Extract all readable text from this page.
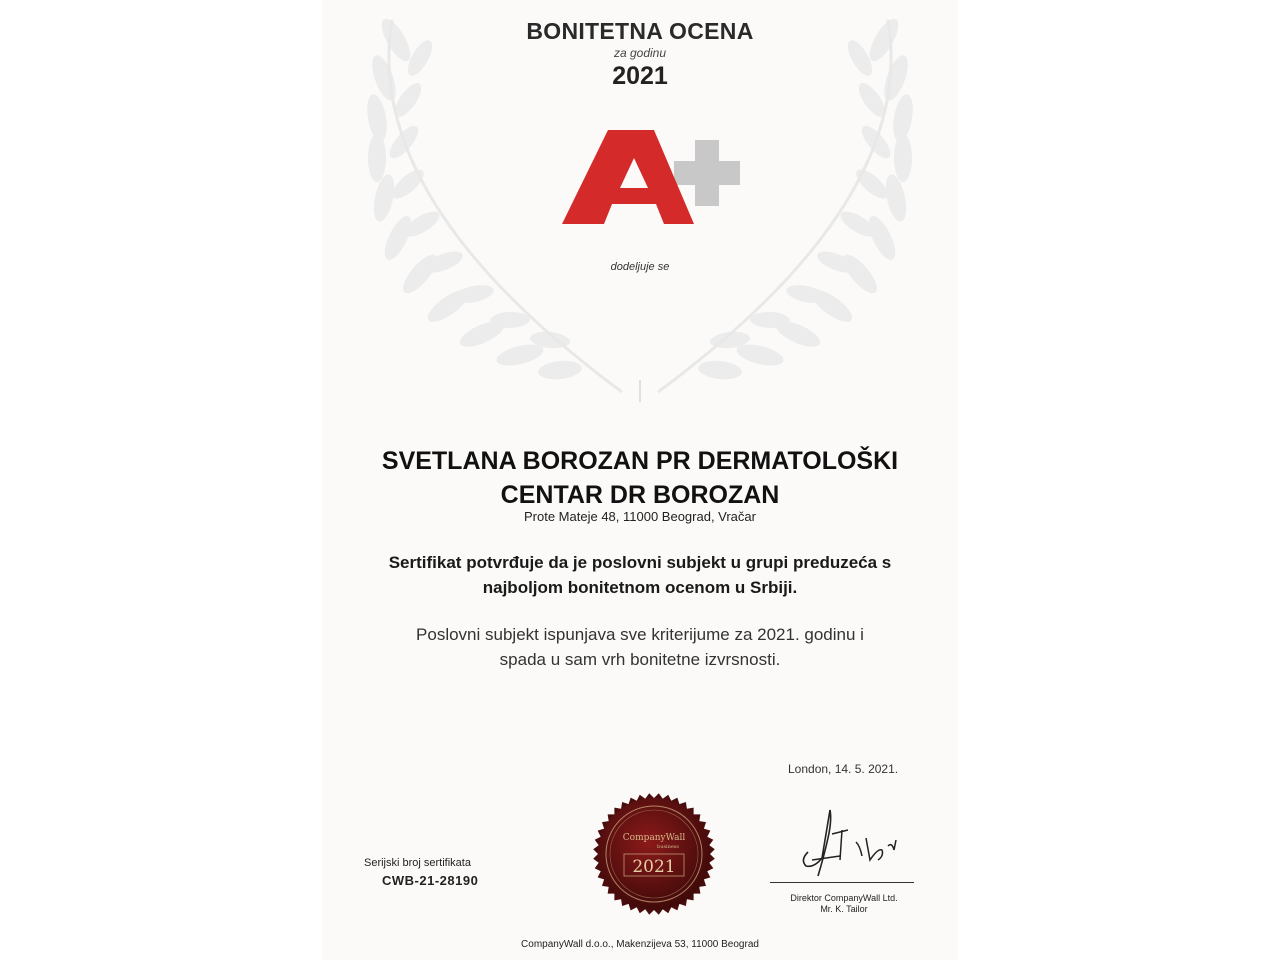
BONITETNA OCENA
za godinu
2021
dodeljuje se
SVETLANA BOROZAN PR DERMATOLOŠKI
CENTAR DR BOROZAN
Prote Mateje 48, 11000 Beograd, Vračar
Sertifikat potvrđuje da je poslovni subjekt u grupi preduzeća s
najboljom bonitetnom ocenom u Srbiji.
Poslovni subjekt ispunjava sve kriterijume za 2021. godinu i
spada u sam vrh bonitetne izvrsnosti.
London, 14. 5. 2021.
Serijski broj sertifikata
CWB-21-28190
CompanyWall
business
2021
Direktor CompanyWall Ltd.
Mr. K. Tailor
CompanyWall d.o.o., Makenzijeva 53, 11000 Beograd
